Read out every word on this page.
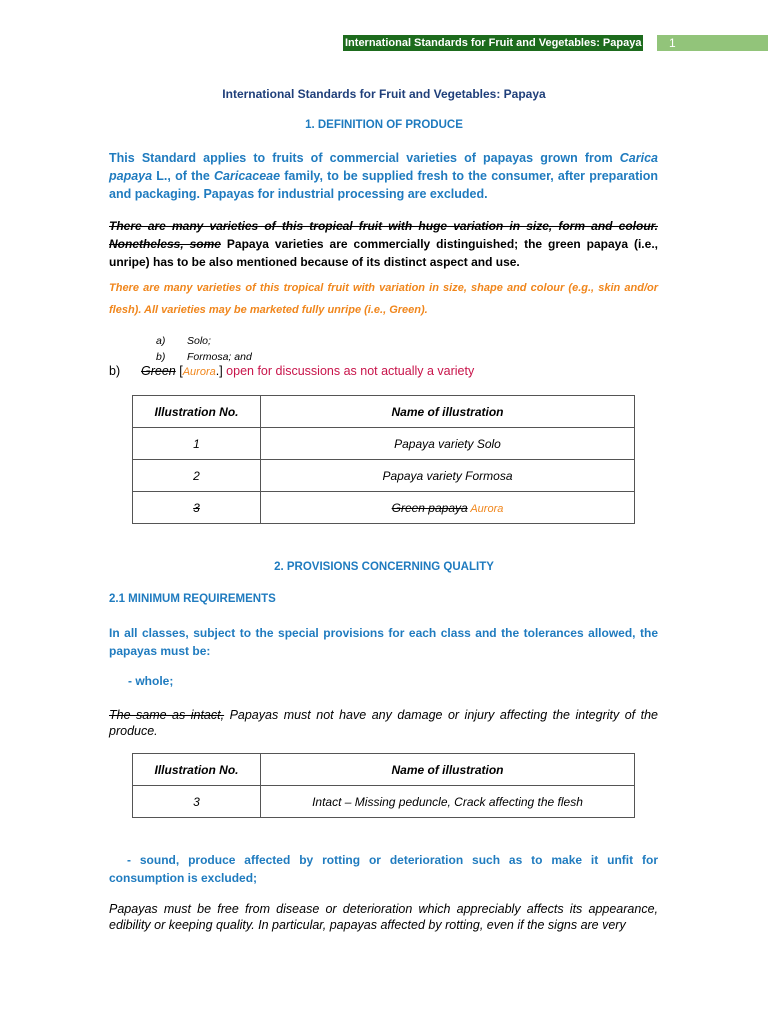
International Standards for Fruit and Vegetables: Papaya	1
International Standards for Fruit and Vegetables: Papaya
1. DEFINITION OF PRODUCE
This Standard applies to fruits of commercial varieties of papayas grown from Carica papaya L., of the Caricaceae family, to be supplied fresh to the consumer, after preparation and packaging. Papayas for industrial processing are excluded.
There are many varieties of this tropical fruit with huge variation in size, form and colour. Nonetheless, some Papaya varieties are commercially distinguished; the green papaya (i.e., unripe) has to be also mentioned because of its distinct aspect and use.
There are many varieties of this tropical fruit with variation in size, shape and colour (e.g., skin and/or flesh). All varieties may be marketed fully unripe (i.e., Green).
a) Solo;
b) Formosa; and
b) Green [Aurora.] open for discussions as not actually a variety
Illustration No.	Name of illustration
1	Papaya variety Solo
2	Papaya variety Formosa
3	Green papaya Aurora
2. PROVISIONS CONCERNING QUALITY
2.1 MINIMUM REQUIREMENTS
In all classes, subject to the special provisions for each class and the tolerances allowed, the papayas must be:
- whole;
The same as intact, Papayas must not have any damage or injury affecting the integrity of the produce.
Illustration No.	Name of illustration
3	Intact – Missing peduncle, Crack affecting the flesh
- sound, produce affected by rotting or deterioration such as to make it unfit for consumption is excluded;
Papayas must be free from disease or deterioration which appreciably affects its appearance, edibility or keeping quality. In particular, papayas affected by rotting, even if the signs are very
